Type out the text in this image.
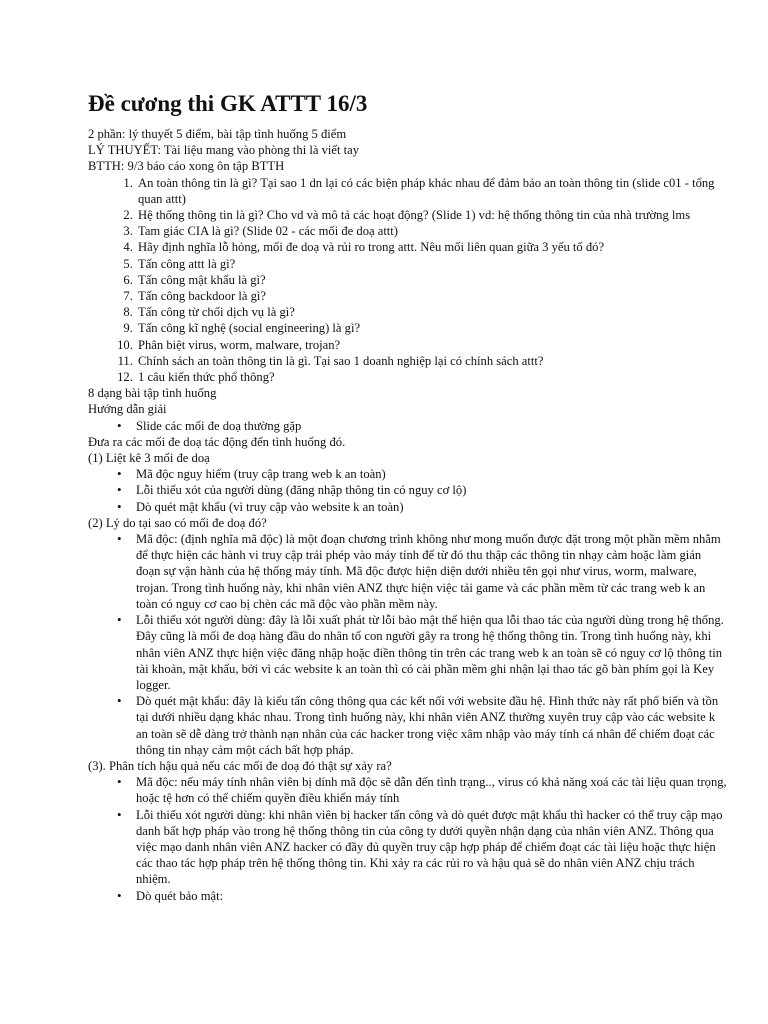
Đề cương thi GK ATTT 16/3

2 phần: lý thuyết 5 điểm, bài tập tình huống 5 điểm

LÝ THUYẾT: Tài liệu mang vào phòng thi là viết tay

BTTH: 9/3 báo cáo xong ôn tập BTTH

1. An toàn thông tin là gì? Tại sao 1 dn lại có các biện pháp khác nhau để đảm bảo an toàn thông tin (slide c01 - tổng quan attt)
2. Hệ thống thông tin là gì? Cho vd và mô tả các hoạt động? (Slide 1) vd: hệ thống thông tin của nhà trường lms
3. Tam giác CIA là gì? (Slide 02 - các mối đe doạ attt)
4. Hãy định nghĩa lỗ hỏng, mối đe doạ và rủi ro trong attt. Nêu mối liên quan giữa 3 yếu tố đó?
5. Tấn công attt là gì?
6. Tấn công mật khẩu là gì?
7. Tấn công backdoor là gì?
8. Tấn công từ chối dịch vụ là gì?
9. Tấn công kĩ nghệ (social engineering) là gì?
10. Phân biệt virus, worm, malware, trojan?
11. Chính sách an toàn thông tin là gì. Tại sao 1 doanh nghiệp lại có chính sách attt?
12. 1 câu kiến thức phổ thông?

8 dạng bài tập tình huống

Hướng dẫn giải

• Slide các mối đe doạ thường gặp

Đưa ra các mối đe doạ tác động đến tình huống đó.

(1) Liệt kê 3 mối đe doạ

• Mã độc nguy hiểm (truy cập trang web k an toàn)
• Lỗi thiếu xót của người dùng (đăng nhập thông tin có nguy cơ lộ)
• Dò quét mật khẩu (vì truy cập vào website k an toàn)

(2) Lý do tại sao có mối đe doạ đó?

• Mã độc: (định nghĩa mã độc) là một đoạn chương trình không như mong muốn được đặt trong một phần mềm nhằm để thực hiện các hành vi truy cập trái phép vào máy tính để từ đó thu thập các thông tin nhạy cảm hoặc làm gián đoạn sự vận hành của hệ thống máy tính. Mã độc được hiện diện dưới nhiều tên gọi như virus, worm, malware, trojan. Trong tình huống này, khi nhân viên ANZ thực hiện việc tải game và các phần mềm từ các trang web k an toàn có nguy cơ cao bị chèn các mã độc vào phần mềm này.
• Lỗi thiếu xót người dùng: đây là lỗi xuất phát từ lỗi bảo mật thể hiện qua lỗi thao tác của người dùng trong hệ thống. Đây cũng là mối đe doạ hàng đầu do nhân tố con người gây ra trong hệ thống thông tin. Trong tình huống này, khi nhân viên ANZ thực hiện việc đăng nhập hoặc điền thông tin trên các trang web k an toàn sẽ có nguy cơ lộ thông tin tài khoản, mật khẩu, bởi vì các website k an toàn thì có cài phần mềm ghi nhận lại thao tác gõ bàn phím gọi là Key logger.
• Dò quét mật khẩu: đây là kiểu tấn công thông qua các kết nối với website đầu hệ. Hình thức này rất phổ biến và tồn tại dưới nhiều dạng khác nhau. Trong tình huống này, khi nhân viên ANZ thường xuyên truy cập vào các website k an toàn sẽ dễ dàng trở thành nạn nhân của các hacker trong việc xâm nhập vào máy tính cá nhân để chiếm đoạt các thông tin nhạy cảm một cách bất hợp pháp.

(3). Phân tích hậu quả nếu các mối đe doạ đó thật sự xảy ra?

• Mã độc: nếu máy tính nhân viên bị dính mã độc sẽ dẫn đến tình trạng.., virus có khả năng xoá các tài liệu quan trọng, hoặc tệ hơn có thể chiếm quyền điều khiển máy tính
• Lỗi thiếu xót người dùng: khi nhân viên bị hacker tấn công và dò quét được mật khẩu thì hacker có thể truy cập mạo danh bất hợp pháp vào trong hệ thống thông tin của công ty dưới quyền nhận dạng của nhân viên ANZ. Thông qua việc mạo danh nhân viên ANZ hacker có đầy đủ quyền truy cập hợp pháp để chiếm đoạt các tài liệu hoặc thực hiện các thao tác hợp pháp trên hệ thống thông tin. Khi xảy ra các rủi ro và hậu quả sẽ do nhân viên ANZ chịu trách nhiệm.
• Dò quét bảo mật:
